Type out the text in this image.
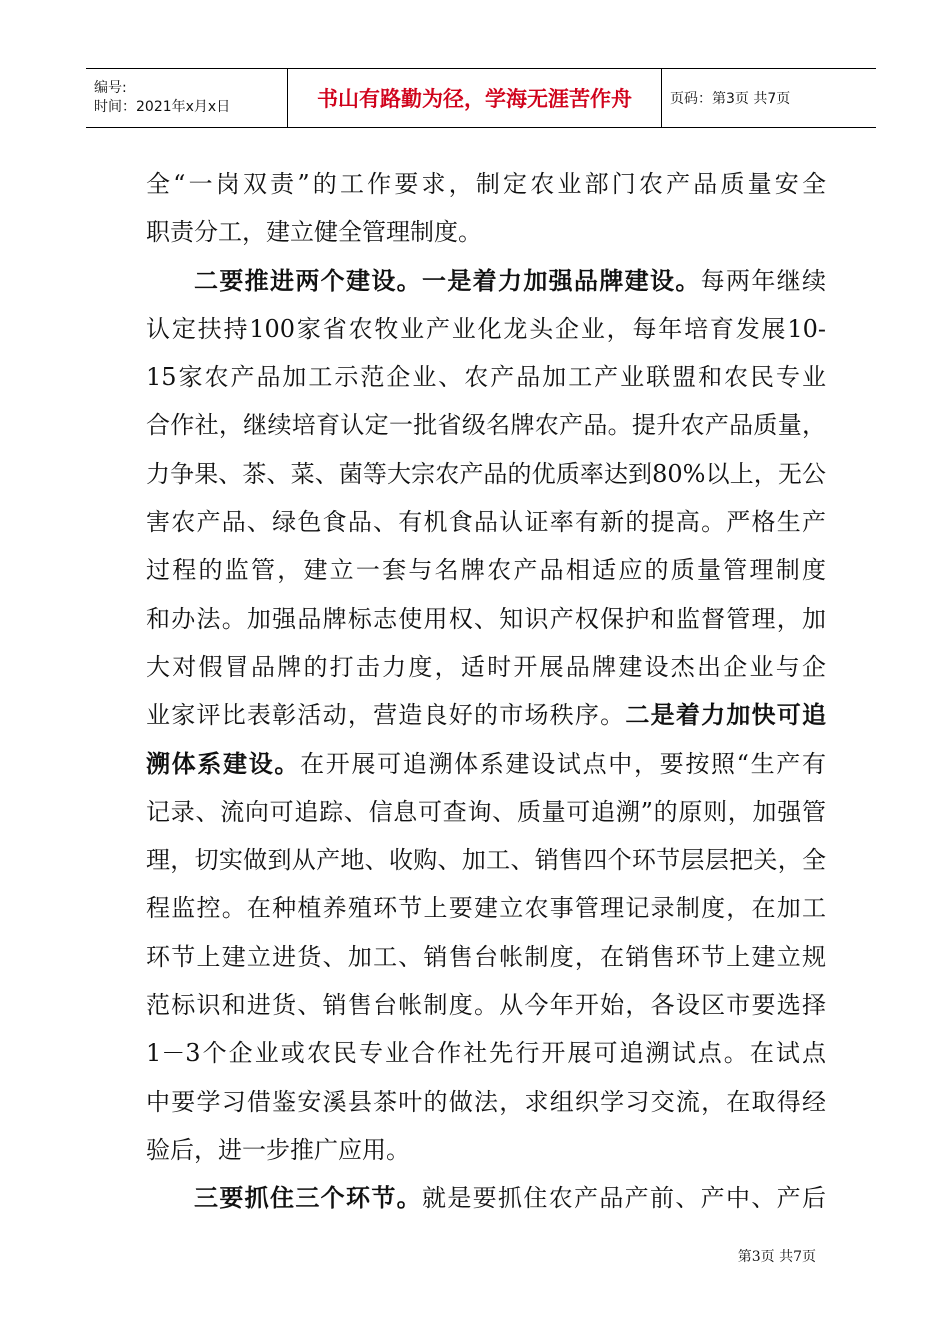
编号:
时间：2021年x月x日	书山有路勤为径，学海无涯苦作舟	页码：第3页 共7页
全“一岗双责”的工作要求，制定农业部门农产品质量安全
职责分工，建立健全管理制度。
二要推进两个建设。一是着力加强品牌建设。每两年继续
认定扶持100家省农牧业产业化龙头企业，每年培育发展10-
15家农产品加工示范企业、农产品加工产业联盟和农民专业
合作社，继续培育认定一批省级名牌农产品。提升农产品质量，
力争果、茶、菜、菌等大宗农产品的优质率达到80%以上，无公
害农产品、绿色食品、有机食品认证率有新的提高。严格生产
过程的监管，建立一套与名牌农产品相适应的质量管理制度
和办法。加强品牌标志使用权、知识产权保护和监督管理，加
大对假冒品牌的打击力度，适时开展品牌建设杰出企业与企
业家评比表彰活动，营造良好的市场秩序。二是着力加快可追
溯体系建设。在开展可追溯体系建设试点中，要按照“生产有
记录、流向可追踪、信息可查询、质量可追溯”的原则，加强管
理，切实做到从产地、收购、加工、销售四个环节层层把关，全
程监控。在种植养殖环节上要建立农事管理记录制度，在加工
环节上建立进货、加工、销售台帐制度，在销售环节上建立规
范标识和进货、销售台帐制度。从今年开始，各设区市要选择
1－3个企业或农民专业合作社先行开展可追溯试点。在试点
中要学习借鉴安溪县茶叶的做法，求组织学习交流，在取得经
验后，进一步推广应用。
三要抓住三个环节。就是要抓住农产品产前、产中、产后
第3页 共7页
